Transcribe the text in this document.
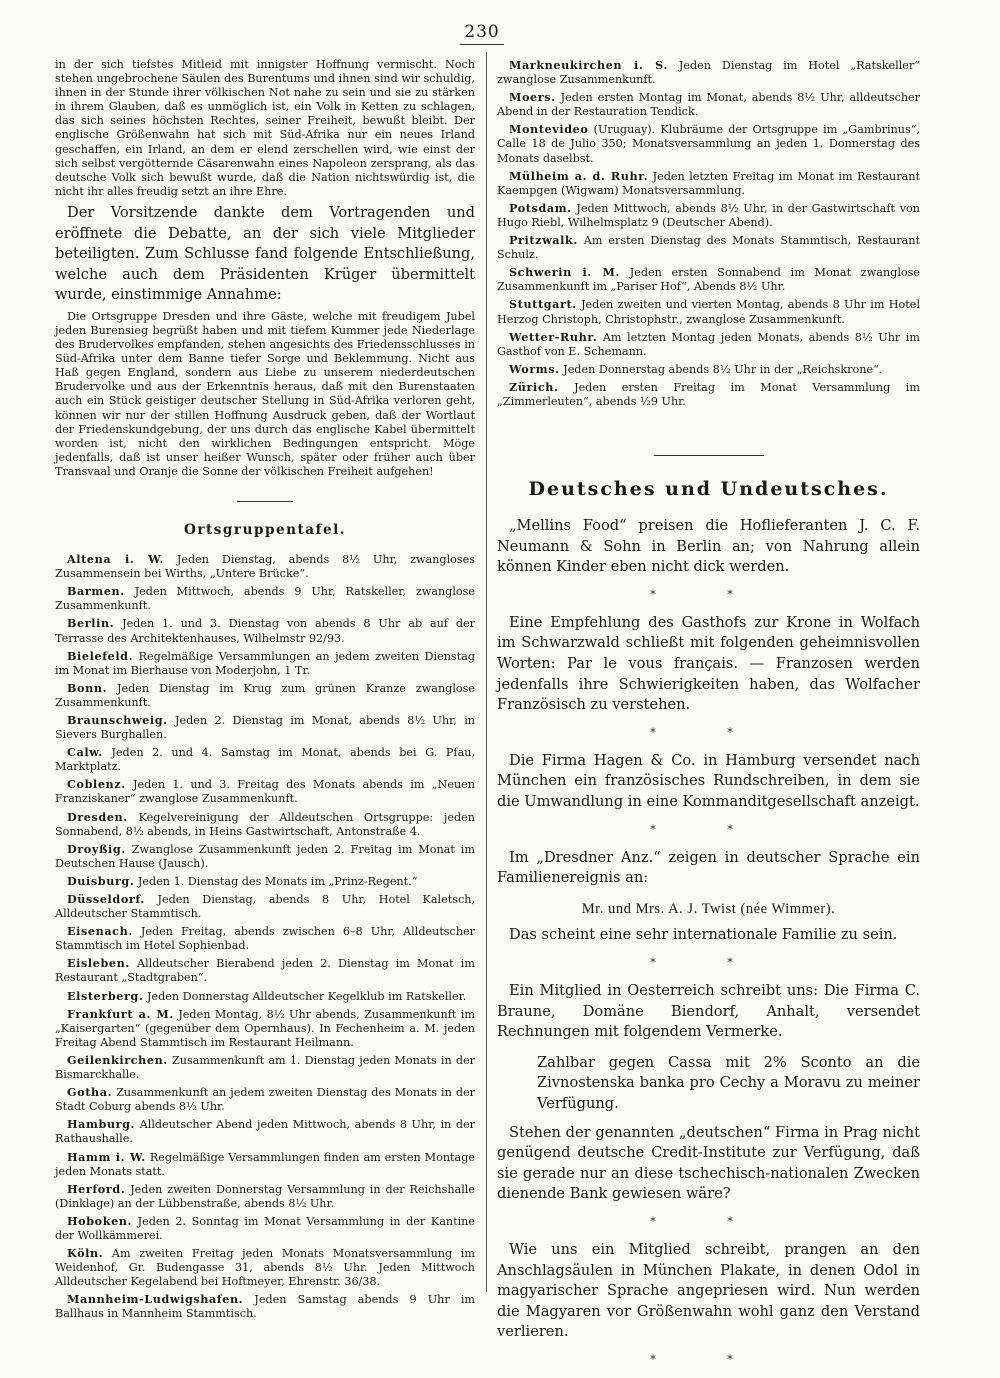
230

in der sich tiefstes Mitleid mit innigster Hoffnung vermischt. Noch stehen ungebrochene Säulen des Burentums und ihnen sind wir schuldig, ihnen in der Stunde ihrer völkischen Not nahe zu sein und sie zu stärken in ihrem Glauben, daß es unmöglich ist, ein Volk in Ketten zu schlagen, das sich seines höchsten Rechtes, seiner Freiheit, bewußt bleibt. Der englische Größenwahn hat sich mit Süd-Afrika nur ein neues Irland geschaffen, ein Irland, an dem er elend zerschellen wird, wie einst der sich selbst vergötternde Cäsarenwahn eines Napoleon zersprang, als das deutsche Volk sich bewußt wurde, daß die Nation nichtswürdig ist, die nicht ihr alles freudig setzt an ihre Ehre.

Der Vorsitzende dankte dem Vortragenden und eröffnete die Debatte, an der sich viele Mitglieder beteiligten. Zum Schlusse fand folgende Entschließung, welche auch dem Präsidenten Krüger übermittelt wurde, einstimmige Annahme:

Die Ortsgruppe Dresden und ihre Gäste, welche mit freudigem Jubel jeden Burensieg begrüßt haben und mit tiefem Kummer jede Niederlage des Brudervolkes empfanden, stehen angesichts des Friedensschlusses in Süd-Afrika unter dem Banne tiefer Sorge und Beklemmung. Nicht aus Haß gegen England, sondern aus Liebe zu unserem niederdeutschen Brudervolke und aus der Erkenntnis heraus, daß mit den Burenstaaten auch ein Stück geistiger deutscher Stellung in Süd-Afrika verloren geht, können wir nur der stillen Hoffnung Ausdruck geben, daß der Wortlaut der Friedenskundgebung, der uns durch das englische Kabel übermittelt worden ist, nicht den wirklichen Bedingungen entspricht. Möge jedenfalls, daß ist unser heißer Wunsch, später oder früher auch über Transvaal und Oranje die Sonne der völkischen Freiheit aufgehen!

Ortsgruppentafel.

Altena i. W. Jeden Dienstag, abends 8½ Uhr, zwangloses Zusammensein bei Wirths, „Untere Brücke“.

Barmen. Jeden Mittwoch, abends 9 Uhr, Ratskeller, zwanglose Zusammenkunft.

Berlin. Jeden 1. und 3. Dienstag von abends 8 Uhr ab auf der Terrasse des Architektenhauses, Wilhelmstr 92/93.

Bielefeld. Regelmäßige Versammlungen an jedem zweiten Dienstag im Monat im Bierhause von Moderjohn, 1 Tr.

Bonn. Jeden Dienstag im Krug zum grünen Kranze zwanglose Zusammenkunft.

Braunschweig. Jeden 2. Dienstag im Monat, abends 8½ Uhr, in Sievers Burghallen.

Calw. Jeden 2. und 4. Samstag im Monat, abends bei G. Pfau, Marktplatz.

Coblenz. Jeden 1. und 3. Freitag des Monats abends im „Neuen Franziskaner“ zwanglose Zusammenkunft.

Dresden. Kegelvereinigung der Alldeutschen Ortsgruppe: jeden Sonnabend, 8½ abends, in Heins Gastwirtschaft, Antonstraße 4.

Droyßig. Zwanglose Zusammenkunft jeden 2. Freitag im Monat im Deutschen Hause (Jausch).

Duisburg. Jeden 1. Dienstag des Monats im „Prinz-Regent.“

Düsseldorf. Jeden Dienstag, abends 8 Uhr, Hotel Kaletsch, Alldeutscher Stammtisch.

Eisenach. Jeden Freitag, abends zwischen 6–8 Uhr, Alldeutscher Stammtisch im Hotel Sophienbad.

Eisleben. Alldeutscher Bierabend jeden 2. Dienstag im Monat im Restaurant „Stadtgraben“.

Elsterberg. Jeden Donnerstag Alldeutscher Kegelklub im Ratskeller.

Frankfurt a. M. Jeden Montag, 8½ Uhr abends, Zusammenkunft im „Kaisergarten“ (gegenüber dem Opernhaus). In Fechenheim a. M. jeden Freitag Abend Stammtisch im Restaurant Heilmann.

Geilenkirchen. Zusammenkunft am 1. Dienstag jeden Monats in der Bismarckhalle.

Gotha. Zusammenkunft an jedem zweiten Dienstag des Monats in der Stadt Coburg abends 8½ Uhr.

Hamburg. Alldeutscher Abend jeden Mittwoch, abends 8 Uhr, in der Rathaushalle.

Hamm i. W. Regelmäßige Versammlungen finden am ersten Montage jeden Monats statt.

Herford. Jeden zweiten Donnerstag Versammlung in der Reichshalle (Dinklage) an der Lübbenstraße, abends 8½ Uhr.

Hoboken. Jeden 2. Sonntag im Monat Versammlung in der Kantine der Wollkämmerei.

Köln. Am zweiten Freitag jeden Monats Monatsversammlung im Weidenhof, Gr. Budengasse 31, abends 8½ Uhr. Jeden Mittwoch Alldeutscher Kegelabend bei Hoftmeyer, Ehrenstr. 36/38.

Mannheim-Ludwigshafen. Jeden Samstag abends 9 Uhr im Ballhaus in Mannheim Stammtisch.

Markneukirchen i. S. Jeden Dienstag im Hotel „Ratskeller“ zwanglose Zusammenkunft.

Moers. Jeden ersten Montag im Monat, abends 8½ Uhr, alldeutscher Abend in der Restauration Tendick.

Montevideo (Uruguay). Klubräume der Ortsgruppe im „Gambrinus“, Calle 18 de Julio 350; Monatsversammlung an jeden 1. Donnerstag des Monats daselbst.

Mülheim a. d. Ruhr. Jeden letzten Freitag im Monat im Restaurant Kaempgen (Wigwam) Monatsversammlung.

Potsdam. Jeden Mittwoch, abends 8½ Uhr, in der Gastwirtschaft von Hugo Riebl, Wilhelmsplatz 9 (Deutscher Abend).

Pritzwalk. Am ersten Dienstag des Monats Stammtisch, Restaurant Schulz.

Schwerin i. M. Jeden ersten Sonnabend im Monat zwanglose Zusammenkunft im „Pariser Hof“, Abends 8½ Uhr.

Stuttgart. Jeden zweiten und vierten Montag, abends 8 Uhr im Hotel Herzog Christoph, Christophstr., zwanglose Zusammenkunft.

Wetter-Ruhr. Am letzten Montag jeden Monats, abends 8½ Uhr im Gasthof von E. Schemann.

Worms. Jeden Donnerstag abends 8½ Uhr in der „Reichskrone“.

Zürich. Jeden ersten Freitag im Monat Versammlung im „Zimmerleuten“, abends ½9 Uhr.

Deutsches und Undeutsches.

„Mellins Food“ preisen die Hoflieferanten J. C. F. Neumann & Sohn in Berlin an; von Nahrung allein können Kinder eben nicht dick werden.

* *

Eine Empfehlung des Gasthofs zur Krone in Wolfach im Schwarzwald schließt mit folgenden geheimnisvollen Worten: Par le vous français. — Franzosen werden jedenfalls ihre Schwierigkeiten haben, das Wolfacher Französisch zu verstehen.

* *

Die Firma Hagen & Co. in Hamburg versendet nach München ein französisches Rundschreiben, in dem sie die Umwandlung in eine Kommanditgesellschaft anzeigt.

* *

Im „Dresdner Anz.“ zeigen in deutscher Sprache ein Familienereignis an:

Mr. und Mrs. A. J. Twist (née Wimmer).

Das scheint eine sehr internationale Familie zu sein.

* *

Ein Mitglied in Oesterreich schreibt uns: Die Firma C. Braune, Domäne Biendorf, Anhalt, versendet Rechnungen mit folgendem Vermerke.

Zahlbar gegen Cassa mit 2% Sconto an die Zivnostenska banka pro Cechy a Moravu zu meiner Verfügung.

Stehen der genannten „deutschen“ Firma in Prag nicht genügend deutsche Credit-Institute zur Verfügung, daß sie gerade nur an diese tschechisch-nationalen Zwecken dienende Bank gewiesen wäre?

* *

Wie uns ein Mitglied schreibt, prangen an den Anschlagsäulen in München Plakate, in denen Odol in magyarischer Sprache angepriesen wird. Nun werden die Magyaren vor Größenwahn wohl ganz den Verstand verlieren.

* *
